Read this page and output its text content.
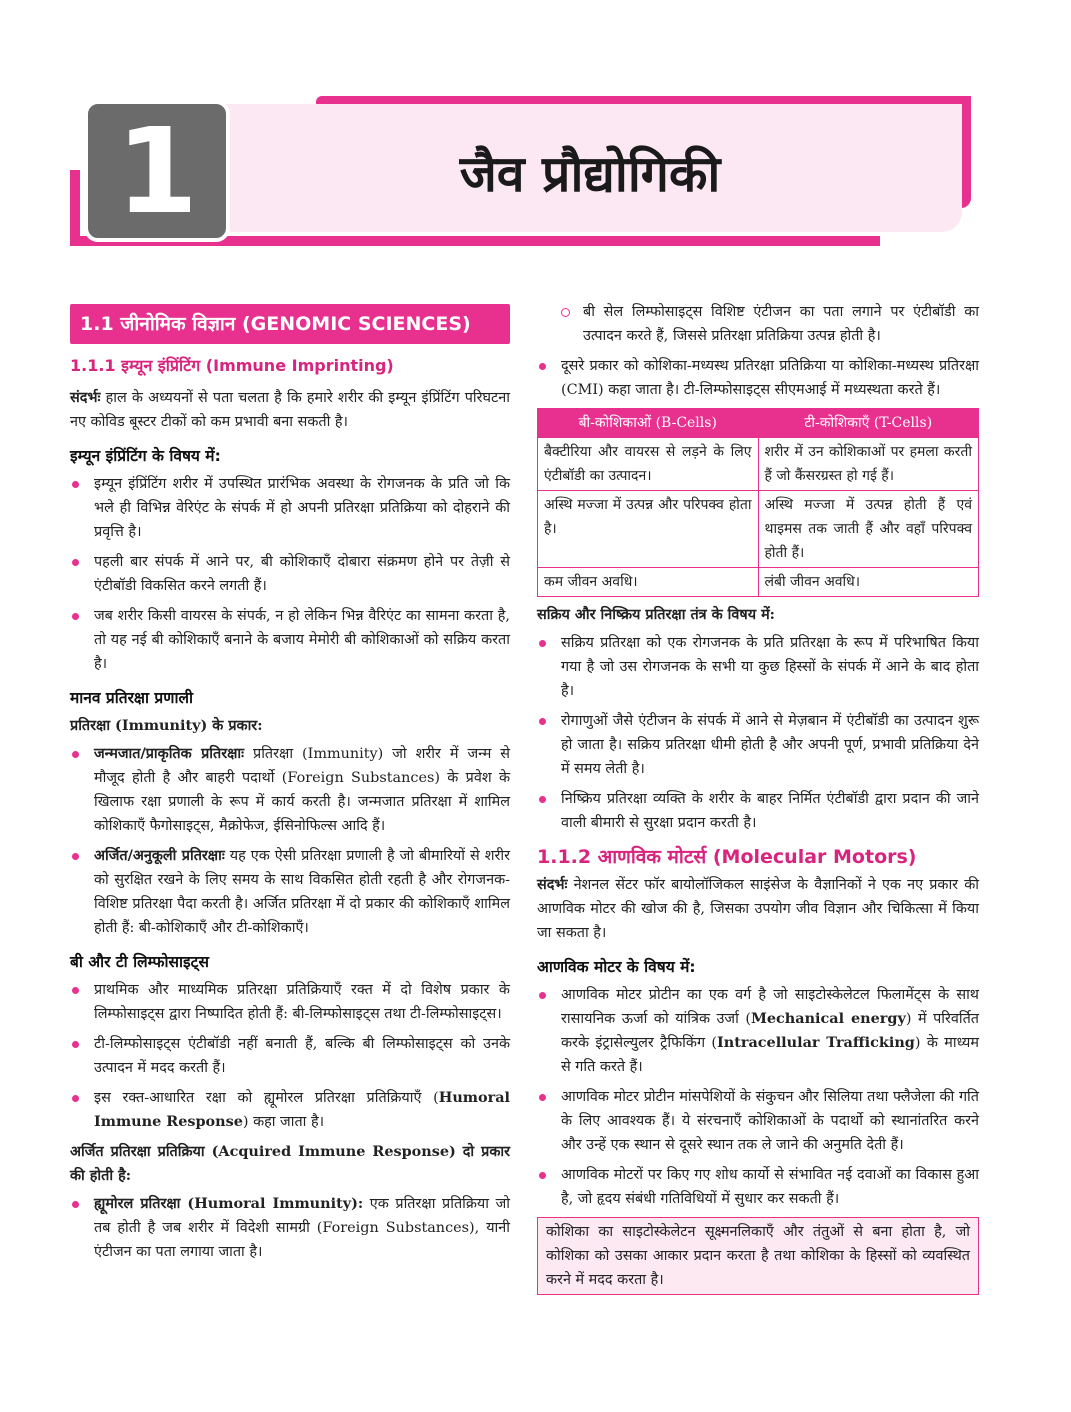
1	जैव प्रौद्योगिकी
1.1 जीनोमिक विज्ञान (GENOMIC SCIENCES)
1.1.1 इम्यून इंप्रिंटिंग (Immune Imprinting)

संदर्भः हाल के अध्ययनों से पता चलता है कि हमारे शरीर की इम्यून इंप्रिंटिंग परिघटना नए कोविड बूस्टर टीकों को कम प्रभावी बना सकती है।

इम्यून इंप्रिंटिंग के विषय में:
इम्यून इंप्रिंटिंग शरीर में उपस्थित प्रारंभिक अवस्था के रोगजनक के प्रति जो कि भले ही विभिन्न वेरिएंट के संपर्क में हो अपनी प्रतिरक्षा प्रतिक्रिया को दोहराने की प्रवृत्ति है।
पहली बार संपर्क में आने पर, बी कोशिकाएँ दोबारा संक्रमण होने पर तेज़ी से एंटीबॉडी विकसित करने लगती हैं।
जब शरीर किसी वायरस के संपर्क, न हो लेकिन भिन्न वैरिएंट का सामना करता है, तो यह नई बी कोशिकाएँ बनाने के बजाय मेमोरी बी कोशिकाओं को सक्रिय करता है।
मानव प्रतिरक्षा प्रणाली

प्रतिरक्षा (Immunity) के प्रकार:

जन्मजात/प्राकृतिक प्रतिरक्षाः प्रतिरक्षा (Immunity) जो शरीर में जन्म से मौजूद होती है और बाहरी पदार्थो (Foreign Substances) के प्रवेश के खिलाफ रक्षा प्रणाली के रूप में कार्य करती है। जन्मजात प्रतिरक्षा में शामिल कोशिकाएँ फैगोसाइट्स, मैक्रोफेज, ईसिनोफिल्स आदि हैं।
अर्जित/अनुकूली प्रतिरक्षाः यह एक ऐसी प्रतिरक्षा प्रणाली है जो बीमारियों से शरीर को सुरक्षित रखने के लिए समय के साथ विकसित होती रहती है और रोगजनक-विशिष्ट प्रतिरक्षा पैदा करती है। अर्जित प्रतिरक्षा में दो प्रकार की कोशिकाएँ शामिल होती हैं: बी-कोशिकाएँ और टी-कोशिकाएँ।
बी और टी लिम्फोसाइट्स
प्राथमिक और माध्यमिक प्रतिरक्षा प्रतिक्रियाएँ रक्त में दो विशेष प्रकार के लिम्फोसाइट्स द्वारा निष्पादित होती हैं: बी-लिम्फोसाइट्स तथा टी-लिम्फोसाइट्स।
टी-लिम्फोसाइट्स एंटीबॉडी नहीं बनाती हैं, बल्कि बी लिम्फोसाइट्स को उनके उत्पादन में मदद करती हैं।
इस रक्त-आधारित रक्षा को ह्यूमोरल प्रतिरक्षा प्रतिक्रियाएँ (Humoral Immune Response) कहा जाता है।

अर्जित प्रतिरक्षा प्रतिक्रिया (Acquired Immune Response) दो प्रकार की होती है:

ह्यूमोरल प्रतिरक्षा (Humoral Immunity): एक प्रतिरक्षा प्रतिक्रिया जो तब होती है जब शरीर में विदेशी सामग्री (Foreign Substances), यानी एंटीजन का पता लगाया जाता है।
बी सेल लिम्फोसाइट्स विशिष्ट एंटीजन का पता लगाने पर एंटीबॉडी का उत्पादन करते हैं, जिससे प्रतिरक्षा प्रतिक्रिया उत्पन्न होती है।
दूसरे प्रकार को कोशिका-मध्यस्थ प्रतिरक्षा प्रतिक्रिया या कोशिका-मध्यस्थ प्रतिरक्षा (CMI) कहा जाता है। टी-लिम्फोसाइट्स सीएमआई में मध्यस्थता करते हैं।
बी-कोशिकाओं (B-Cells)	टी-कोशिकाएँ (T-Cells)
बैक्टीरिया और वायरस से लड़ने के लिए एंटीबॉडी का उत्पादन।	शरीर में उन कोशिकाओं पर हमला करती हैं जो कैंसरग्रस्त हो गई हैं।
अस्थि मज्जा में उत्पन्न और परिपक्व होता है।	अस्थि मज्जा में उत्पन्न होती हैं एवं थाइमस तक जाती हैं और वहाँ परिपक्व होती हैं।
कम जीवन अवधि।	लंबी जीवन अवधि।

सक्रिय और निष्क्रिय प्रतिरक्षा तंत्र के विषय में:

सक्रिय प्रतिरक्षा को एक रोगजनक के प्रति प्रतिरक्षा के रूप में परिभाषित किया गया है जो उस रोगजनक के सभी या कुछ हिस्सों के संपर्क में आने के बाद होता है।
रोगाणुओं जैसे एंटीजन के संपर्क में आने से मेज़बान में एंटीबॉडी का उत्पादन शुरू हो जाता है। सक्रिय प्रतिरक्षा धीमी होती है और अपनी पूर्ण, प्रभावी प्रतिक्रिया देने में समय लेती है।
निष्क्रिय प्रतिरक्षा व्यक्ति के शरीर के बाहर निर्मित एंटीबॉडी द्वारा प्रदान की जाने वाली बीमारी से सुरक्षा प्रदान करती है।
1.1.2 आणविक मोटर्स (Molecular Motors)

संदर्भः नेशनल सेंटर फॉर बायोलॉजिकल साइंसेज के वैज्ञानिकों ने एक नए प्रकार की आणविक मोटर की खोज की है, जिसका उपयोग जीव विज्ञान और चिकित्सा में किया जा सकता है।

आणविक मोटर के विषय में:
आणविक मोटर प्रोटीन का एक वर्ग है जो साइटोस्केलेटल फिलामेंट्स के साथ रासायनिक ऊर्जा को यांत्रिक उर्जा (Mechanical energy) में परिवर्तित करके इंट्रासेल्युलर ट्रैफिकिंग (Intracellular Trafficking) के माध्यम से गति करते हैं।
आणविक मोटर प्रोटीन मांसपेशियों के संकुचन और सिलिया तथा फ्लैजेला की गति के लिए आवश्यक हैं। ये संरचनाएँ कोशिकाओं के पदार्थो को स्थानांतरित करने और उन्हें एक स्थान से दूसरे स्थान तक ले जाने की अनुमति देती हैं।
आणविक मोटरों पर किए गए शोध कार्यो से संभावित नई दवाओं का विकास हुआ है, जो हृदय संबंधी गतिविधियों में सुधार कर सकती हैं।
कोशिका का साइटोस्केलेटन सूक्ष्मनलिकाएँ और तंतुओं से बना होता है, जो कोशिका को उसका आकार प्रदान करता है तथा कोशिका के हिस्सों को व्यवस्थित करने में मदद करता है।
